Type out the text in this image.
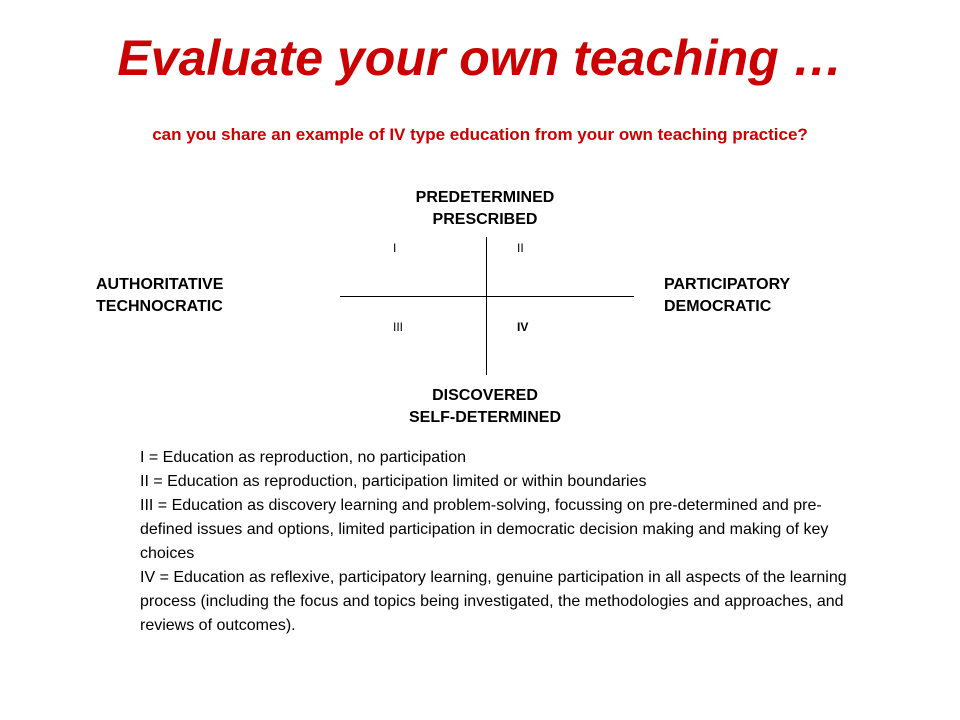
Evaluate your own teaching …
can you share an example of IV type education from your own teaching practice?
PREDETERMINED
PRESCRIBED
AUTHORITATIVE
TECHNOCRATIC
PARTICIPATORY
DEMOCRATIC
DISCOVERED
SELF-DETERMINED
I	II
III	IV

I = Education as reproduction, no participation

II = Education as reproduction, participation limited or within boundaries

III = Education as discovery learning and problem-solving, focussing on pre-determined and pre-defined issues and options, limited participation in democratic decision making and making of key choices

IV = Education as reflexive, participatory learning, genuine participation in all aspects of the learning process (including the focus and topics being investigated, the methodologies and approaches, and reviews of outcomes).
